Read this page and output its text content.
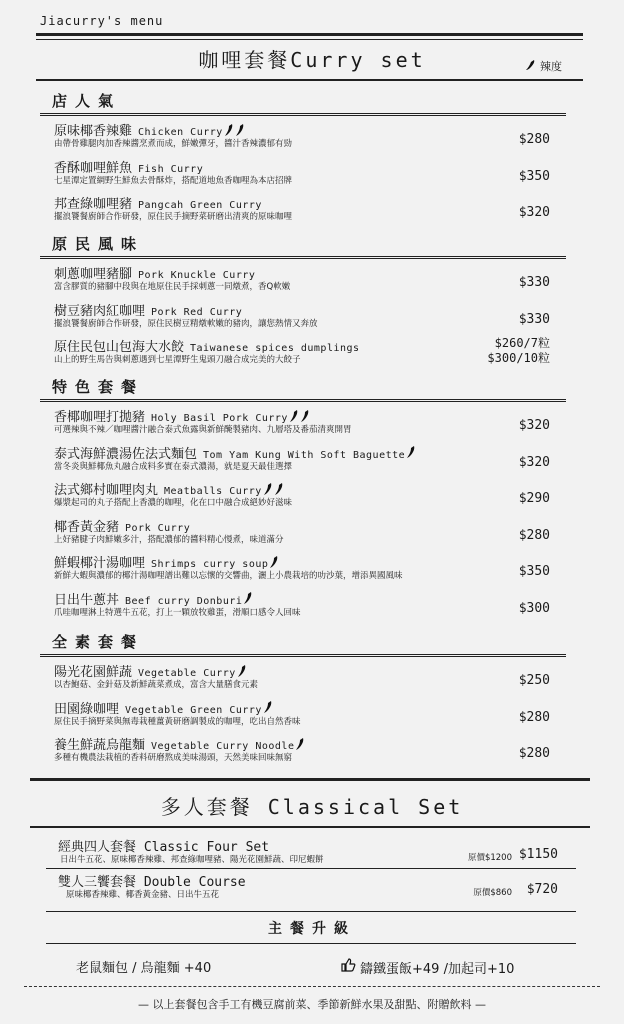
Jiacurry's menu
咖哩套餐Curry set	辣度
店人氣
原味椰香辣雞 Chicken Curry
由帶骨雞腿肉加香辣醬烹煮而成，鮮嫩彈牙，醬汁香辣濃郁有勁	$280
香酥咖哩鮮魚 Fish Curry
七星潭定置網野生鮮魚去骨酥炸，搭配道地魚香咖哩為本店招牌	$350
邦查綠咖哩豬 Pangcah Green Curry
擺浪饕餐廚師合作研發，原住民手摘野菜研磨出清爽的原味咖哩	$320
原民風味
刺蔥咖哩豬腳 Pork Knuckle Curry
富含膠質的豬腳中段與在地原住民手採刺蔥一同燉煮，香Q軟嫩	$330
樹豆豬肉紅咖哩 Pork Red Curry
擺浪饕餐廚師合作研發，原住民樹豆精燉軟嫩的豬肉，讓您熱情又奔放	$330
原住民包山包海大水餃 Taiwanese spices dumplings
山上的野生馬告與刺蔥遇到七星潭野生鬼頭刀融合成完美的大餃子
$260/7粒
$300/10粒
特色套餐
香椰咖哩打拋豬 Holy Basil Pork Curry
可選辣與不辣／咖哩醬汁融合泰式魚露與新鮮醃製豬肉、九層塔及番茄清爽開胃	$320
泰式海鮮濃湯佐法式麵包 Tom Yam Kung With Soft Baguette
當冬炎與鮮椰魚丸融合成料多實在泰式濃湯，就是夏天最佳選擇	$320
法式鄉村咖哩肉丸 Meatballs Curry
爆漿起司的丸子搭配上香濃的咖哩，化在口中融合成絕妙好滋味	$290
椰香黃金豬 Pork Curry
上好豬腱子肉鮮嫩多汁，搭配濃郁的醬料精心慢煮，味道滿分	$280
鮮蝦椰汁湯咖哩 Shrimps curry soup
新鮮大蝦與濃郁的椰汁湯咖哩譜出難以忘懷的交響曲，灑上小農栽培的叻沙葉，增添異國風味	$350
日出牛蔥丼 Beef curry Donburi
爪哇咖哩淋上特選牛五花，打上一顆放牧雞蛋，滑順口感令人回味	$300
全素套餐
陽光花園鮮蔬 Vegetable Curry
以杏鮑菇、金針菇及新鮮蔬菜煮成，富含大量膳食元素	$250
田園綠咖哩 Vegetable Green Curry
原住民手摘野菜與無毒栽種薑黃研磨調製成的咖哩，吃出自然香味	$280
養生鮮蔬烏龍麵 Vegetable Curry Noodle
多種有機農法栽植的香料研磨熬成美味湯頭，天然美味回味無窮	$280
多人套餐 Classical Set
經典四人套餐 Classic Four Set
日出牛五花、原味椰香辣雞、邦查綠咖哩豬、陽光花園鮮蔬、印尼蝦餅	原價$1200 $1150
雙人三饗套餐 Double Course
原味椰香辣雞、椰香黃金豬、日出牛五花	原價$860 $720
主餐升級
老鼠麵包 / 烏龍麵 +40	鑄鐵蛋飯+49 /加起司+10
— 以上套餐包含手工有機豆腐前菜、季節新鮮水果及甜點、附贈飲料 —
